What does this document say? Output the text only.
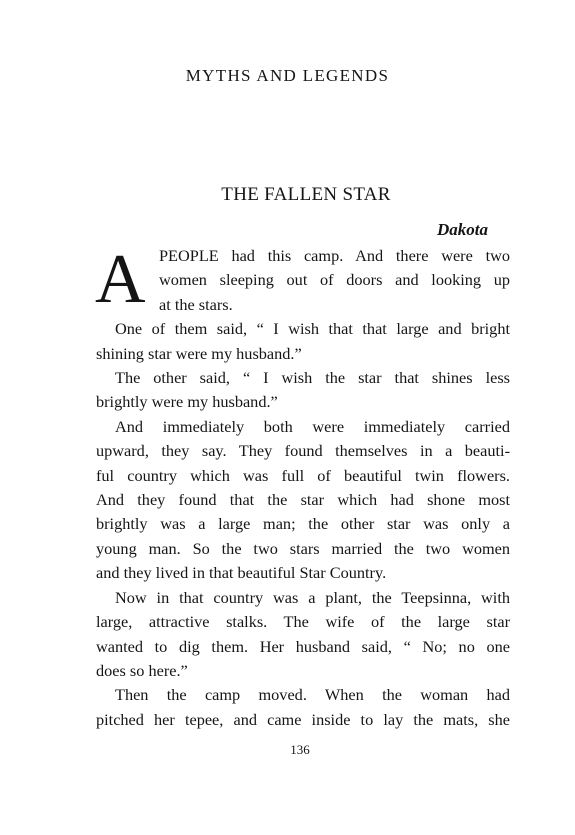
MYTHS AND LEGENDS
THE FALLEN STAR
Dakota
A PEOPLE had this camp. And there were two
women sleeping out of doors and looking up
at the stars.
One of them said, “ I wish that that large and bright
shining star were my husband.”
The other said, “ I wish the star that shines less
brightly were my husband.”
And immediately both were immediately carried
upward, they say. They found themselves in a beauti-
ful country which was full of beautiful twin flowers.
And they found that the star which had shone most
brightly was a large man; the other star was only a
young man. So the two stars married the two women
and they lived in that beautiful Star Country.
Now in that country was a plant, the Teepsinna, with
large, attractive stalks. The wife of the large star
wanted to dig them. Her husband said, “ No; no one
does so here.”
Then the camp moved. When the woman had
pitched her tepee, and came inside to lay the mats, she
136
